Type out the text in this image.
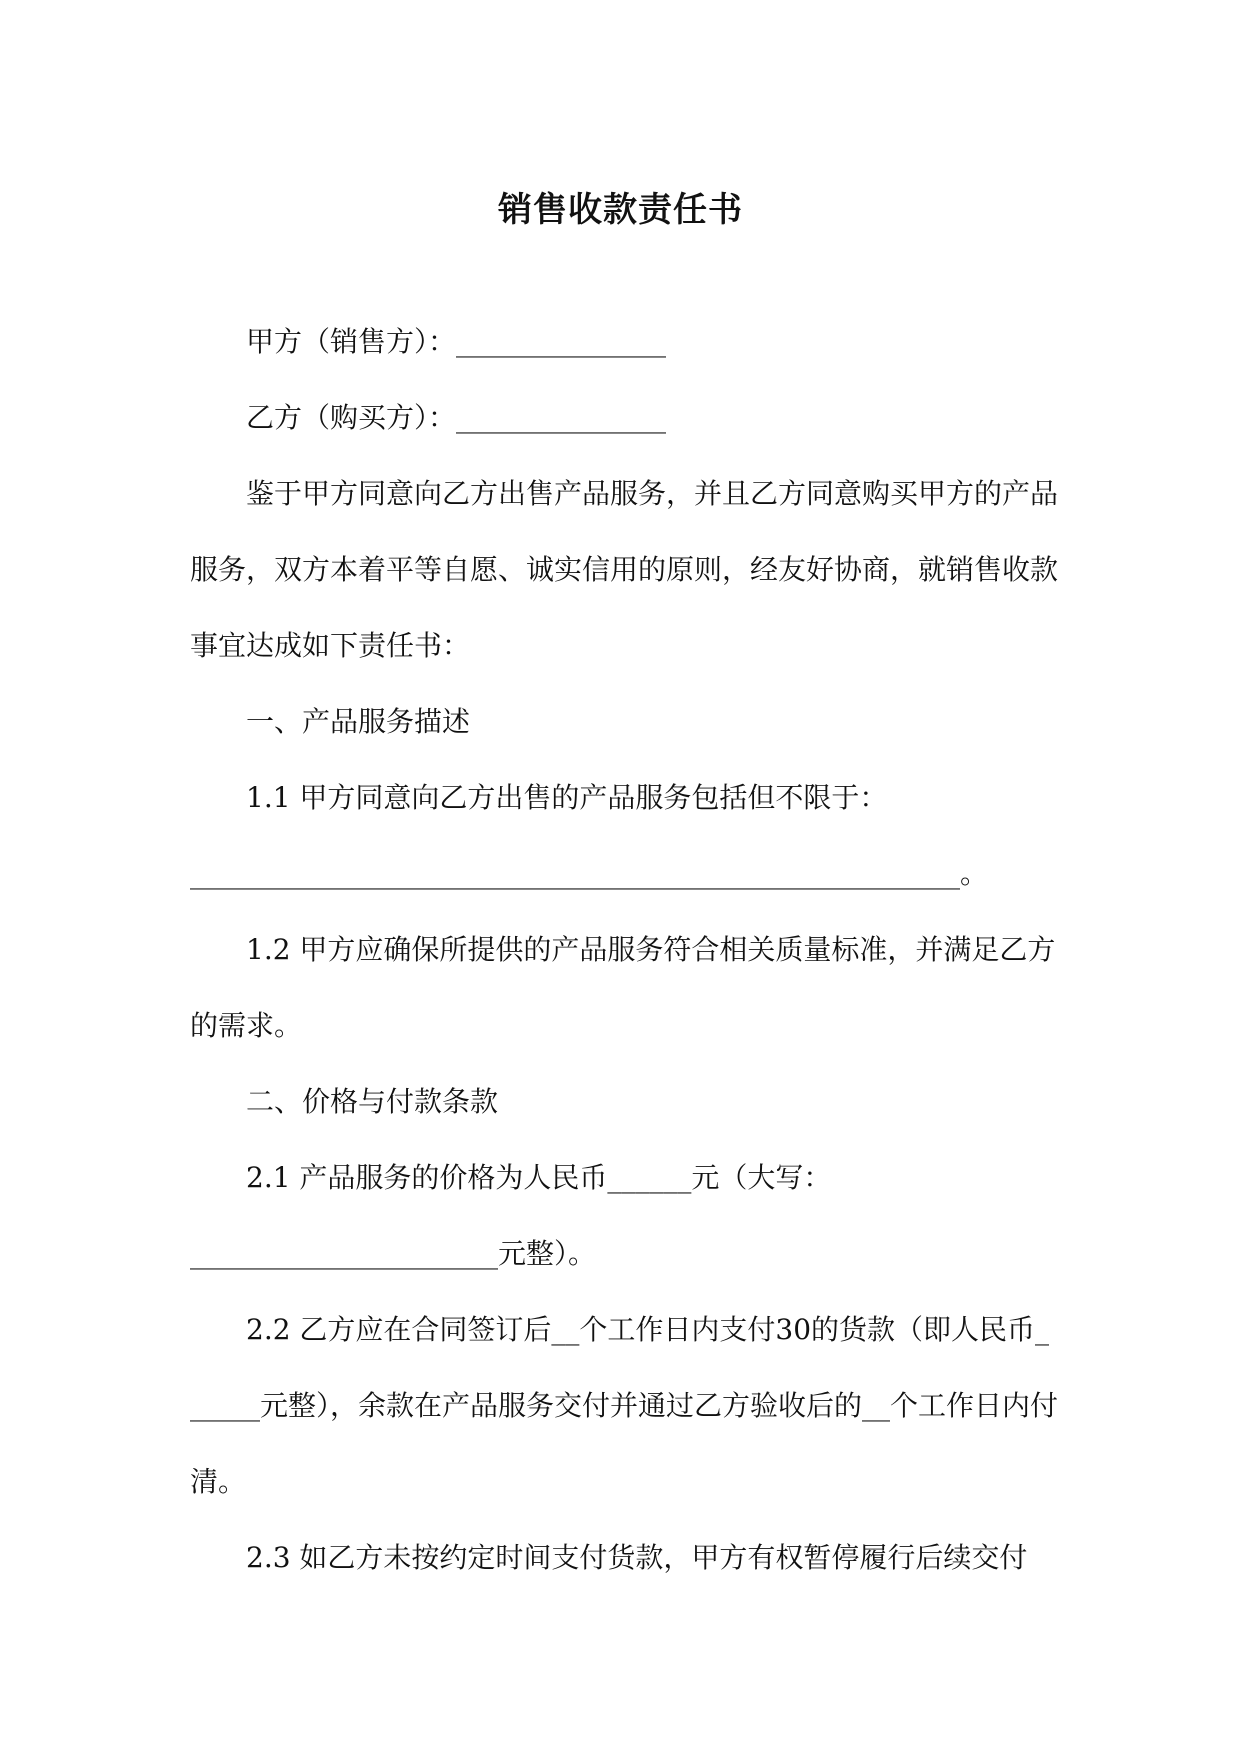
销售收款责任书

甲方（销售方）：_______________

乙方（购买方）：_______________

鉴于甲方同意向乙方出售产品服务，并且乙方同意购买甲方的产品服务，双方本着平等自愿、诚实信用的原则，经友好协商，就销售收款事宜达成如下责任书：

一、产品服务描述

1.1 甲方同意向乙方出售的产品服务包括但不限于：

_______________________________________________________。

1.2 甲方应确保所提供的产品服务符合相关质量标准，并满足乙方的需求。

二、价格与付款条款

2.1 产品服务的价格为人民币______元（大写：

______________________元整）。

2.2 乙方应在合同签订后__个工作日内支付30的货款（即人民币______元整），余款在产品服务交付并通过乙方验收后的__个工作日内付清。

2.3 如乙方未按约定时间支付货款，甲方有权暂停履行后续交付
